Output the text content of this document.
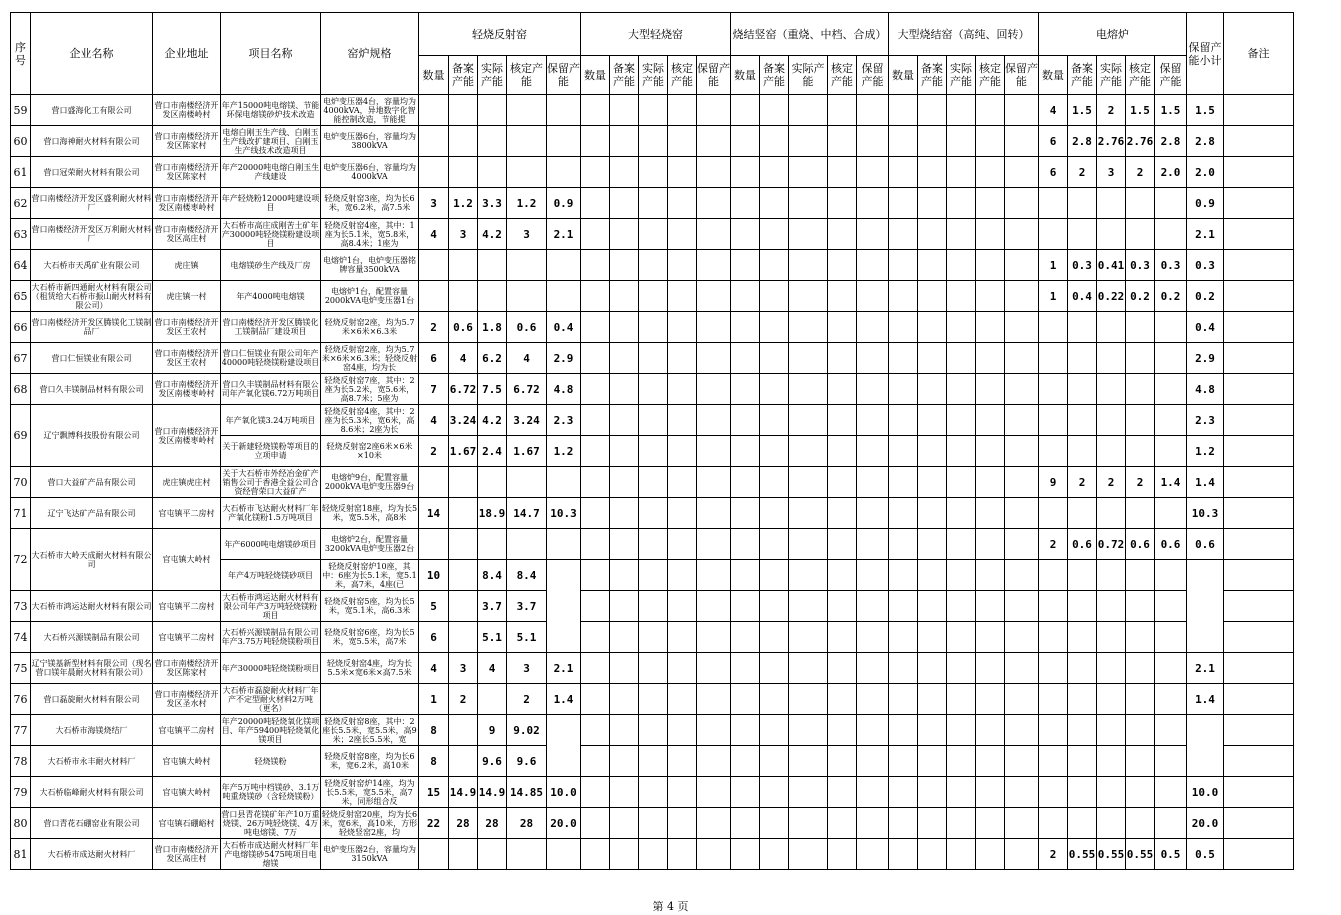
序号	企业名称	企业地址	项目名称	窑炉规格	轻烧反射窑					大型轻烧窑					烧结竖窑（重烧、中档、合成）					大型烧结窑（高纯、回转）					电熔炉					保留产能小计	备注
					数量	备案产能	实际产能	核定产能	保留产能	数量	备案产能	实际产能	核定产能	保留产能	数量	备案产能	实际产能	核定产能	保留产能	数量	备案产能	实际产能	核定产能	保留产能	数量	备案产能	实际产能	核定产能	保留产能		
59	营口盛海化工有限公司	营口市南楼经济开发区南楼岭村	年产15000吨电熔镁、节能环保电熔镁砂炉技术改造	电炉变压器4台，容量均为4000kVA，异地数字化智能控制改造，节能提																					4	1.5	2	1.5	1.5	1.5	
60	营口海神耐火材料有限公司	营口市南楼经济开发区陈家村	电熔白刚玉生产线、白刚玉生产线改扩建项目、白刚玉生产线技术改造项目	电炉变压器6台，容量均为3800kVA																					6	2.8	2.76	2.76	2.8	2.8	
61	营口冠荣耐火材料有限公司	营口市南楼经济开发区陈家村	年产20000吨电熔白刚玉生产线建设	电炉变压器6台，容量均为4000kVA																					6	2	3	2	2.0	2.0	
62	营口南楼经济开发区盛利耐火材料厂	营口市南楼经济开发区南楼枣岭村	年产轻烧粉12000吨建设项目	轻烧反射窑3座，均为长6米，宽6.2米，高7.5米	3	1.2	3.3	1.2	0.9																					0.9	
63	营口南楼经济开发区万利耐火材料厂	营口市南楼经济开发区高庄村	大石桥市高庄成刚苦土矿年产30000吨轻烧镁粉建设项目	轻烧反射窑4座，其中：1座为长5.1米，宽5.8米，高8.4米；1座为	4	3	4.2	3	2.1																					2.1	
64	大石桥市天禹矿业有限公司	虎庄镇	电熔镁砂生产线及厂房	电熔炉1台，电炉变压器铭牌容量3500kVA																					1	0.3	0.41	0.3	0.3	0.3	
65	大石桥市新四通耐火材料有限公司（租赁给大石桥市振山耐火材料有限公司）	虎庄镇一村	年产4000吨电熔镁	电熔炉1台，配置容量2000kVA电炉变压器1台																					1	0.4	0.22	0.2	0.2	0.2	
66	营口南楼经济开发区腾镁化工镁制品厂	营口市南楼经济开发区王农村	营口南楼经济开发区腾镁化工镁制品厂建设项目	轻烧反射窑2座，均为5.7米×6米×6.3米	2	0.6	1.8	0.6	0.4																					0.4	
67	营口仁恒镁业有限公司	营口市南楼经济开发区王农村	营口仁恒镁业有限公司年产40000吨轻烧镁粉建设项目	轻烧反射窑2座，均为5.7米×6米×6.3米；轻烧反射窑4座，均为长	6	4	6.2	4	2.9																					2.9	
68	营口久丰镁制品材料有限公司	营口市南楼经济开发区南楼枣岭村	营口久丰镁制品材料有限公司年产氧化镁6.72万吨项目	轻烧反射窑7座，其中：2座为长5.2米，宽5.6米，高8.7米；5座为	7	6.72	7.5	6.72	4.8																					4.8	
69	辽宁飘博科技股份有限公司	营口市南楼经济开发区南楼枣岭村	年产氧化镁3.24万吨项目	轻烧反射窑4座，其中：2座为长5.3米，宽6米，高8.6米；2座为长	4	3.24	4.2	3.24	2.3																					2.3	
			关于新建轻烧镁粉等项目的立项申请	轻烧反射窑2座6米×6米×10米	2	1.67	2.4	1.67	1.2																					1.2	
70	营口大益矿产品有限公司	虎庄镇虎庄村	关于大石桥市外经冶金矿产销售公司于香港全益公司合资经营荣口大益矿产	电熔炉9台，配置容量2000kVA电炉变压器9台																					9	2	2	2	1.4	1.4	
71	辽宁飞达矿产品有限公司	官屯镇平二房村	大石桥市飞达耐火材料厂年产氧化镁粉1.5万吨项目	轻烧反射窑18座，均为长5米，宽5.5米，高8米	14		18.9	14.7	10.3																					10.3	
72	大石桥市大岭天成耐火材料有限公司	官屯镇大岭村	年产6000吨电熔镁砂项目	电熔炉2台，配置容量3200kVA电炉变压器2台																					2	0.6	0.72	0.6	0.6	0.6	
			年产4万吨轻烧镁砂项目	轻烧反射窑炉10座，其中：6座为长5.1米，宽5.1米，高7米，4座(已	10		8.4	8.4																							
73	大石桥市鸿运达耐火材料有限公司	官屯镇平二房村	大石桥市鸿运达耐火材料有限公司年产3万吨轻烧镁粉项目	轻烧反射窑5座，均为长5米，宽5.1米，高6.3米	5		3.7	3.7																							
74	大石桥兴源镁制品有限公司	官屯镇平二房村	大石桥兴源镁制品有限公司年产3.75万吨轻烧镁粉项目	轻烧反射窑6座，均为长5米，宽5.5米，高7米	6		5.1	5.1																							
75	辽宁镁基新型材料有限公司（现名营口镁年晨耐火材料有限公司）	营口市南楼经济开发区陈家村	年产30000吨轻烧镁粉项目	轻烧反射窑4座，均为长5.5米×宽6米×高7.5米	4	3	4	3	2.1																					2.1	
76	营口磊旋耐火材料有限公司	营口市南楼经济开发区圣水村	大石桥市磊旋耐火材料厂年产不定型耐火材料2万吨（更名）		1	2		2	1.4																					1.4	
77	大石桥市海镁烧结厂	官屯镇平二房村	年产20000吨轻烧氧化镁项目、年产59400吨轻烧氧化镁项目	轻烧反射窑8座，其中：2座长5.5米，宽5.5米，高9米；2座长5.5米，宽	8		9	9.02																							
78	大石桥市永丰耐火材料厂	官屯镇大岭村	轻烧镁粉	轻烧反射窑8座，均为长6米，宽6.2米，高10米	8		9.6	9.6																							
79	大石桥临峰耐火材料有限公司	官屯镇大岭村	年产5万吨中档镁砂、3.1万吨重烧镁砂（含轻烧镁粉）	轻烧反射窑炉14座，均为长5.5米，宽5.5米，高7米，同形组合反	15	14.9	14.9	14.85	10.0																					10.0	
80	营口青花石硼窑业有限公司	官屯镇石硼峪村	营口县青花镁矿年产10万重烧镁、26万吨轻烧镁、4万吨电熔镁、7万	轻烧反射窑20座，均为长6米，宽6米，高10米，方形轻烧竖窑2座，均	22	28	28	28	20.0																					20.0	
81	大石桥市成达耐火材料厂	营口市南楼经济开发区高庄村	大石桥市成达耐火材料厂年产电熔镁砂5475吨项目电熔镁	电炉变压器2台，容量均为3150kVA																					2	0.55	0.55	0.55	0.5	0.5	
第 4 页
